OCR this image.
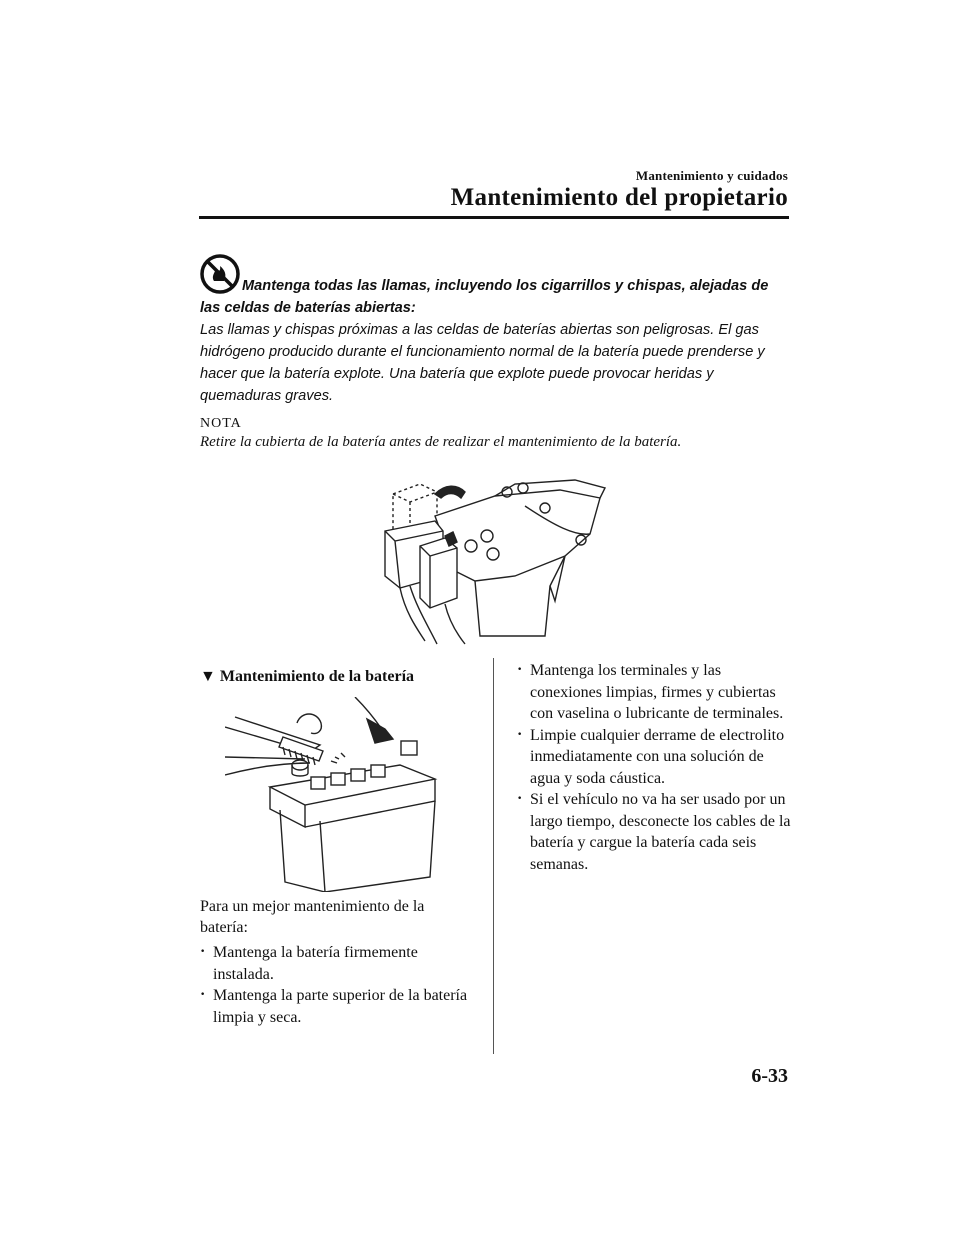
Mantenimiento y cuidados
Mantenimiento del propietario
Mantenga todas las llamas, incluyendo los cigarrillos y chispas, alejadas de las celdas de baterías abiertas:
Las llamas y chispas próximas a las celdas de baterías abiertas son peligrosas. El gas hidrógeno producido durante el funcionamiento normal de la batería puede prenderse y hacer que la batería explote. Una batería que explote puede provocar heridas y quemaduras graves.
NOTA
Retire la cubierta de la batería antes de realizar el mantenimiento de la batería.
▼ Mantenimiento de la batería
Para un mejor mantenimiento de la batería:
· Mantenga la batería firmemente instalada.
· Mantenga la parte superior de la batería limpia y seca.
· Mantenga los terminales y las conexiones limpias, firmes y cubiertas con vaselina o lubricante de terminales.
· Limpie cualquier derrame de electrolito inmediatamente con una solución de agua y soda cáustica.
· Si el vehículo no va ha ser usado por un largo tiempo, desconecte los cables de la batería y cargue la batería cada seis semanas.
6-33
